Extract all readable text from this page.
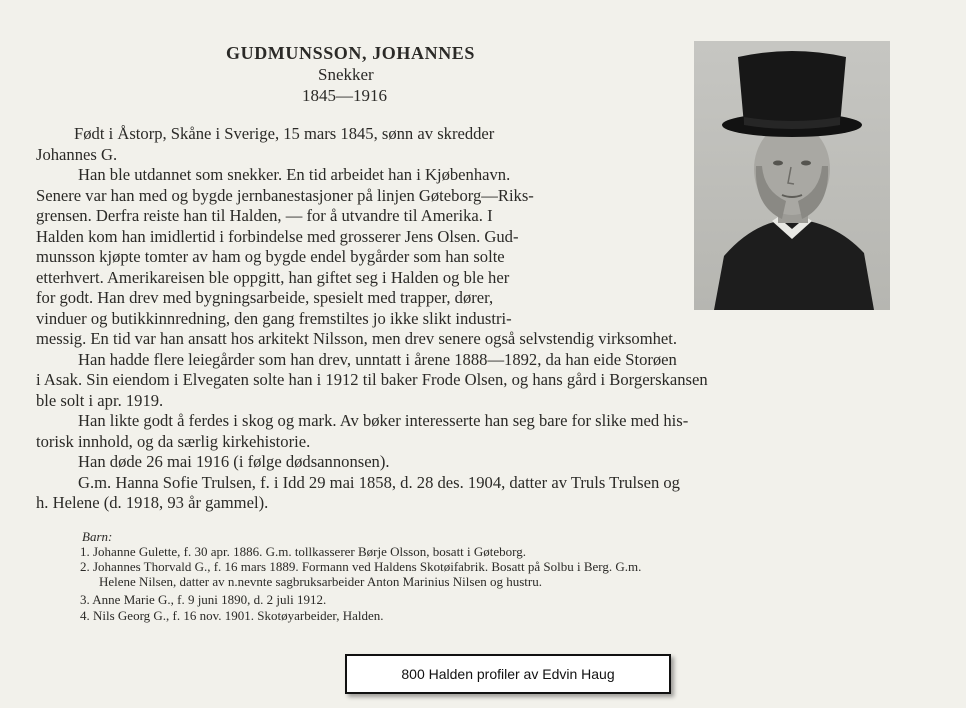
GUDMUNSSON, JOHANNES
Snekker
1845—1916
Født i Åstorp, Skåne i Sverige, 15 mars 1845, sønn av skredder
Johannes G.
Han ble utdannet som snekker. En tid arbeidet han i Kjøbenhavn.
Senere var han med og bygde jernbanestasjoner på linjen Gøteborg—Riks-
grensen. Derfra reiste han til Halden, — for å utvandre til Amerika. I
Halden kom han imidlertid i forbindelse med grosserer Jens Olsen. Gud-
munsson kjøpte tomter av ham og bygde endel bygårder som han solte
etterhvert. Amerikareisen ble oppgitt, han giftet seg i Halden og ble her
for godt. Han drev med bygningsarbeide, spesielt med trapper, dører,
vinduer og butikkinnredning, den gang fremstiltes jo ikke slikt industri-
messig. En tid var han ansatt hos arkitekt Nilsson, men drev senere også selvstendig virksomhet.
Han hadde flere leiegårder som han drev, unntatt i årene 1888—1892, da han eide Storøen
i Asak. Sin eiendom i Elvegaten solte han i 1912 til baker Frode Olsen, og hans gård i Borgerskansen
ble solt i apr. 1919.
Han likte godt å ferdes i skog og mark. Av bøker interesserte han seg bare for slike med his-
torisk innhold, og da særlig kirkehistorie.
Han døde 26 mai 1916 (i følge dødsannonsen).
G.m. Hanna Sofie Trulsen, f. i Idd 29 mai 1858, d. 28 des. 1904, datter av Truls Trulsen og
h. Helene (d. 1918, 93 år gammel).
Barn:
1. Johanne Gulette, f. 30 apr. 1886. G.m. tollkasserer Børje Olsson, bosatt i Gøteborg.
2. Johannes Thorvald G., f. 16 mars 1889. Formann ved Haldens Skotøifabrik. Bosatt på Solbu i Berg. G.m.
Helene Nilsen, datter av n.nevnte sagbruksarbeider Anton Marinius Nilsen og hustru.
3. Anne Marie G., f. 9 juni 1890, d. 2 juli 1912.
4. Nils Georg G., f. 16 nov. 1901. Skotøyarbeider, Halden.
800 Halden profiler av Edvin Haug
